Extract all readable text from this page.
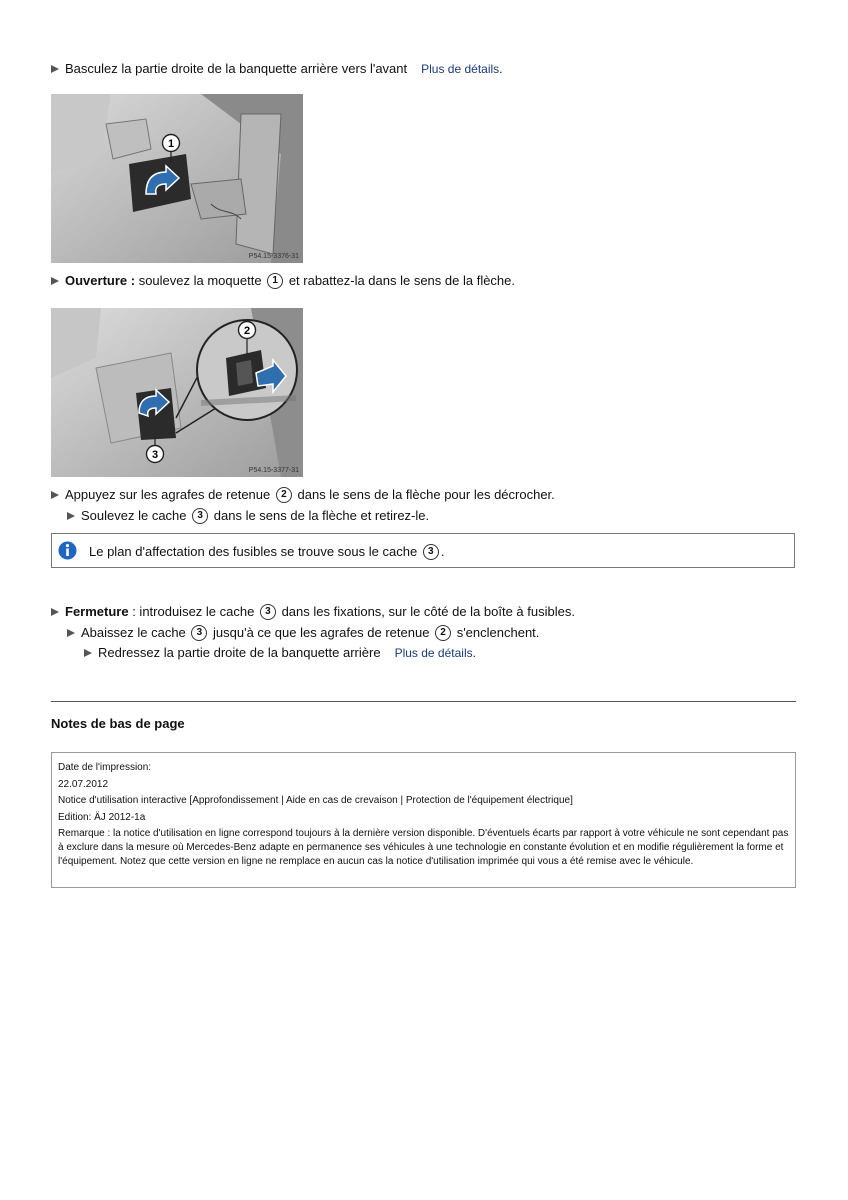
Basculez la partie droite de la banquette arrière vers l'avant Plus de détails.
1
P54.15-3376-31
Ouverture : soulevez la moquette 1 et rabattez-la dans le sens de la flèche.
2
3
P54.15-3377-31
Appuyez sur les agrafes de retenue 2 dans le sens de la flèche pour les décrocher.
Soulevez le cache 3 dans le sens de la flèche et retirez-le.
Le plan d'affectation des fusibles se trouve sous le cache 3 .
Fermeture : introduisez le cache 3 dans les fixations, sur le côté de la boîte à fusibles.
Abaissez le cache 3 jusqu'à ce que les agrafes de retenue 2 s'enclenchent.
Redressez la partie droite de la banquette arrière Plus de détails.
Notes de bas de page
Date de l'impression:
22.07.2012
Notice d'utilisation interactive [Approfondissement | Aide en cas de crevaison | Protection de l'équipement électrique]
Edition: ÄJ 2012-1a
Remarque : la notice d'utilisation en ligne correspond toujours à la dernière version disponible. D'éventuels écarts par rapport à votre véhicule ne sont cependant pas à exclure dans la mesure où Mercedes-Benz adapte en permanence ses véhicules à une technologie en constante évolution et en modifie régulièrement la forme et l'équipement. Notez que cette version en ligne ne remplace en aucun cas la notice d'utilisation imprimée qui vous a été remise avec le véhicule.
